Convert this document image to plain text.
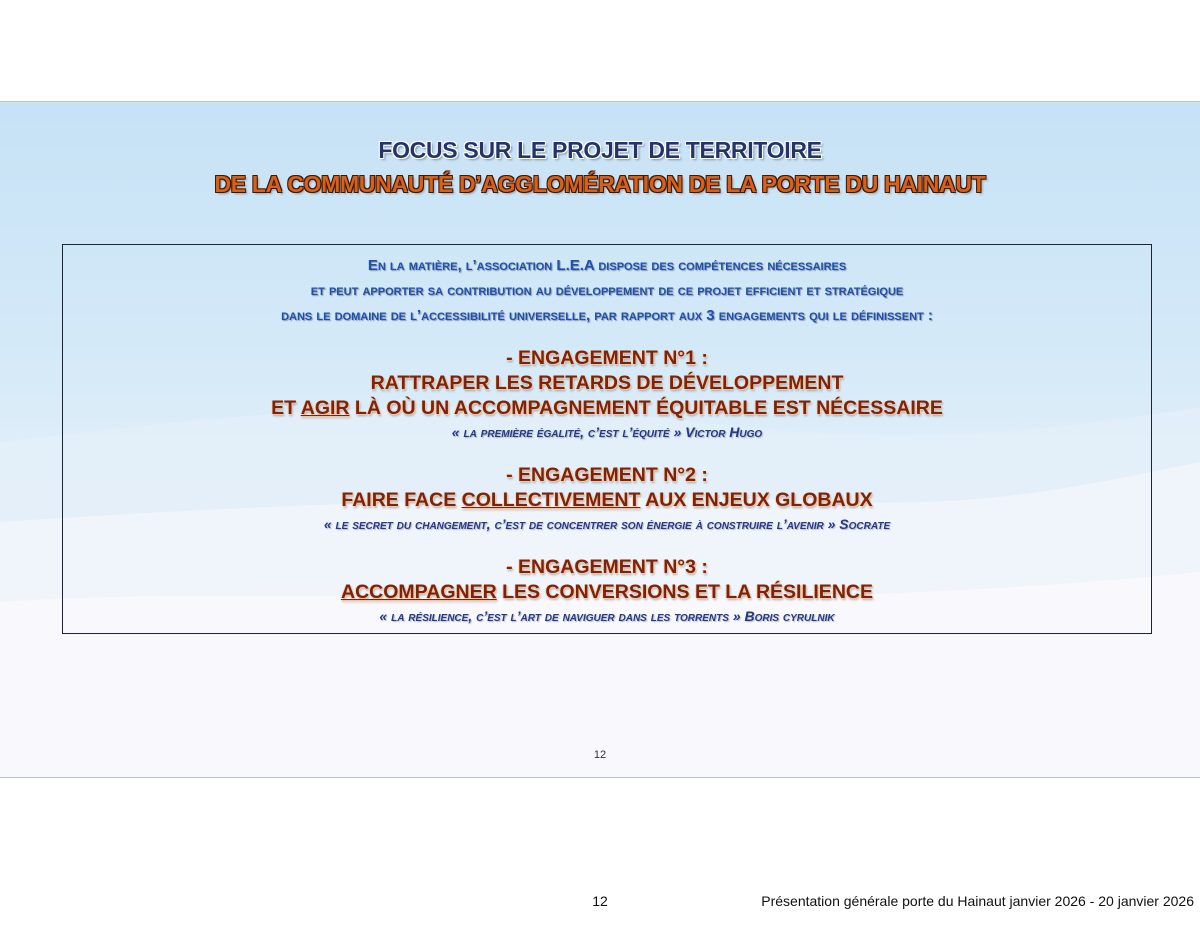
FOCUS SUR LE PROJET DE TERRITOIRE
DE LA COMMUNAUTÉ D’AGGLOMÉRATION DE LA PORTE DU HAINAUT
En la matière, l’association L.E.A dispose des compétences nécessaires
et peut apporter sa contribution au développement de ce projet efficient et stratégique
dans le domaine de l’accessibilité universelle, par rapport aux 3 engagements qui le définissent :
- ENGAGEMENT N°1 :
RATTRAPER LES RETARDS DE DÉVELOPPEMENT
ET AGIR LÀ OÙ UN ACCOMPAGNEMENT ÉQUITABLE EST NÉCESSAIRE
« la première égalité, c’est l’équité » Victor Hugo
- ENGAGEMENT N°2 :
FAIRE FACE COLLECTIVEMENT AUX ENJEUX GLOBAUX
« le secret du changement, c’est de concentrer son énergie à construire l’avenir » Socrate
- ENGAGEMENT N°3 :
ACCOMPAGNER LES CONVERSIONS ET LA RÉSILIENCE
« la résilience, c’est l’art de naviguer dans les torrents » Boris cyrulnik
12
12	Présentation générale porte du Hainaut janvier 2026 - 20 janvier 2026
